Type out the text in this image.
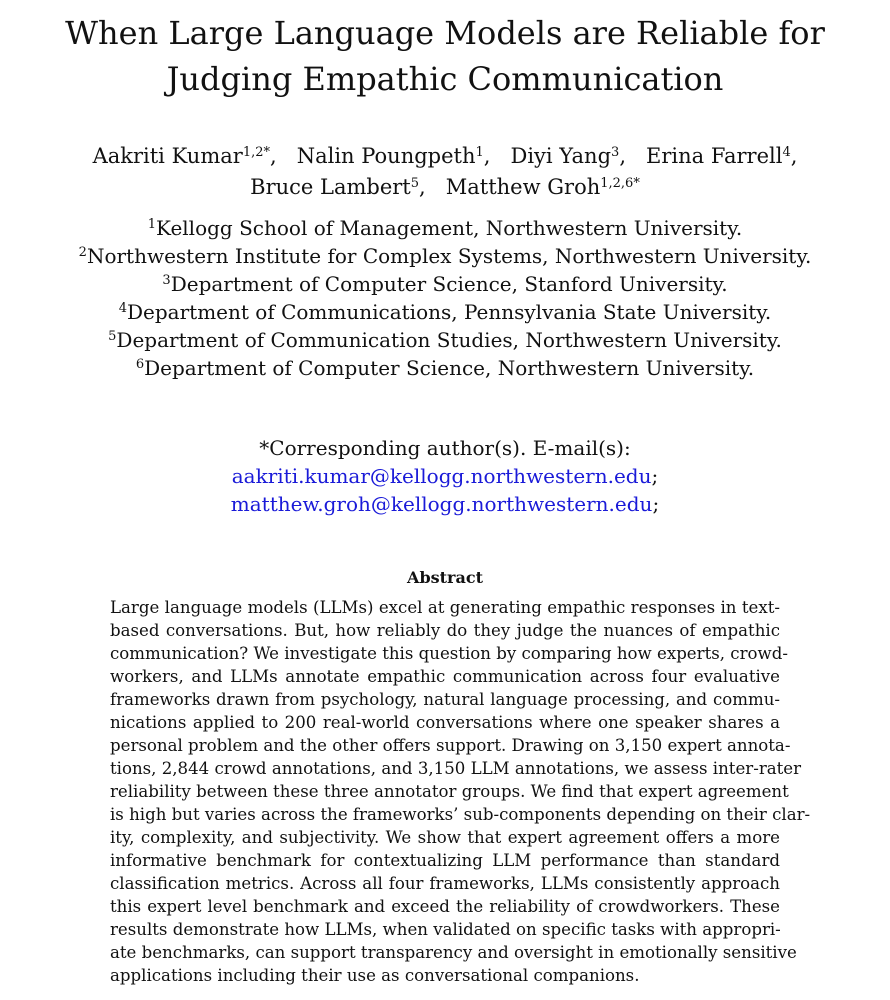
When Large Language Models are Reliable for
Judging Empathic Communication
Aakriti Kumar$^{1,2*}$, Nalin Poungpeth$^1$, Diyi Yang$^3$, Erina Farrell$^4$,
Bruce Lambert$^5$, Matthew Groh$^{1,2,6*}$
$^1$Kellogg School of Management, Northwestern University.
$^2$Northwestern Institute for Complex Systems, Northwestern University.
$^3$Department of Computer Science, Stanford University.
$^4$Department of Communications, Pennsylvania State University.
$^5$Department of Communication Studies, Northwestern University.
$^6$Department of Computer Science, Northwestern University.
*Corresponding author(s). E-mail(s):
aakriti.kumar@kellogg.northwestern.edu;
matthew.groh@kellogg.northwestern.edu;
Abstract
Large language models (LLMs) excel at generating empathic responses in text-
based conversations. But, how reliably do they judge the nuances of empathic
communication? We investigate this question by comparing how experts, crowd-
workers, and LLMs annotate empathic communication across four evaluative
frameworks drawn from psychology, natural language processing, and commu-
nications applied to 200 real-world conversations where one speaker shares a
personal problem and the other offers support. Drawing on 3,150 expert annota-
tions, 2,844 crowd annotations, and 3,150 LLM annotations, we assess inter-rater
reliability between these three annotator groups. We find that expert agreement
is high but varies across the frameworks’ sub-components depending on their clar-
ity, complexity, and subjectivity. We show that expert agreement offers a more
informative benchmark for contextualizing LLM performance than standard
classification metrics. Across all four frameworks, LLMs consistently approach
this expert level benchmark and exceed the reliability of crowdworkers. These
results demonstrate how LLMs, when validated on specific tasks with appropri-
ate benchmarks, can support transparency and oversight in emotionally sensitive
applications including their use as conversational companions.
